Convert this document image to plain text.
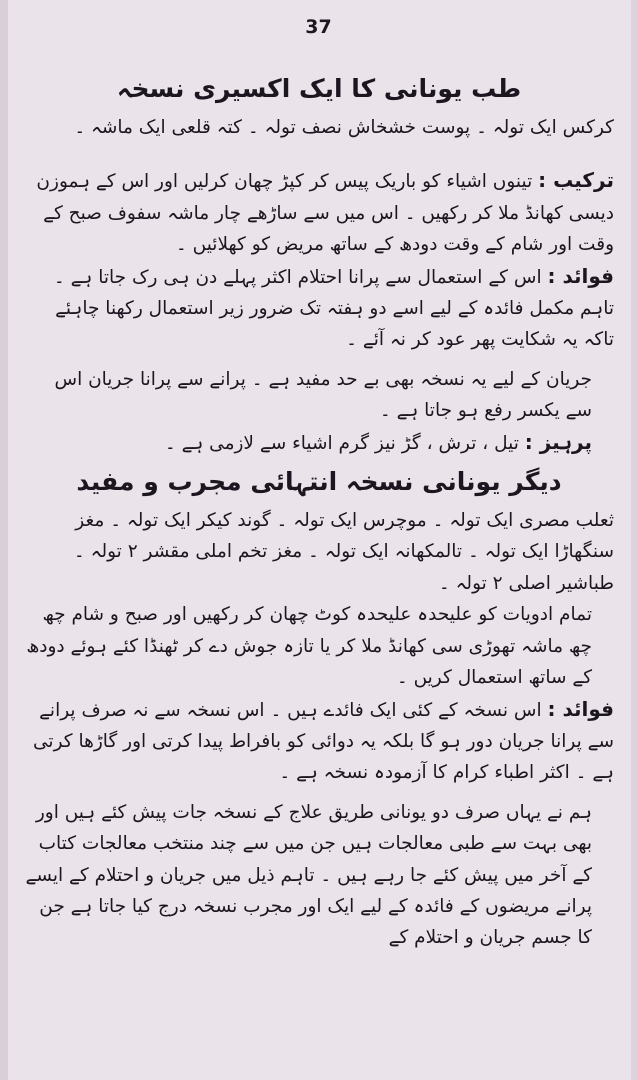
37
طب یونانی کا ایک اکسیری نسخہ

کرکس ایک تولہ ۔ پوست خشخاش نصف تولہ ۔ کتہ قلعی ایک ماشہ ۔

ترکیب : تینوں اشیاء کو باریک پیس کر کپڑ چھان کرلیں اور اس کے ہموزن دیسی کھانڈ ملا کر رکھیں ۔ اس میں سے ساڑھے چار ماشہ سفوف صبح کے وقت اور شام کے وقت دودھ کے ساتھ مریض کو کھلائیں ۔

فوائد : اس کے استعمال سے پرانا احتلام اکثر پہلے دن ہی رک جاتا ہے ۔ تاہم مکمل فائدہ کے لیے اسے دو ہفتہ تک ضرور زیر استعمال رکھنا چاہئے تاکہ یہ شکایت پھر عود کر نہ آئے ۔

جریان کے لیے یہ نسخہ بھی بے حد مفید ہے ۔ پرانے سے پرانا جریان اس سے یکسر رفع ہو جاتا ہے ۔

پرہیز : تیل ، ترش ، گڑ نیز گرم اشیاء سے لازمی ہے ۔

دیگر یونانی نسخہ انتہائی مجرب و مفید

ثعلب مصری ایک تولہ ۔ موچرس ایک تولہ ۔ گوند کیکر ایک تولہ ۔ مغز سنگھاڑا ایک تولہ ۔ تالمکھانہ ایک تولہ ۔ مغز تخم املی مقشر ۲ تولہ ۔ طباشیر اصلی ۲ تولہ ۔

تمام ادویات کو علیحدہ علیحدہ کوٹ چھان کر رکھیں اور صبح و شام چھ چھ ماشہ تھوڑی سی کھانڈ ملا کر یا تازہ جوش دے کر ٹھنڈا کئے ہوئے دودھ کے ساتھ استعمال کریں ۔

فوائد : اس نسخہ کے کئی ایک فائدے ہیں ۔ اس نسخہ سے نہ صرف پرانے سے پرانا جریان دور ہو گا بلکہ یہ دوائی کو بافراط پیدا کرتی اور گاڑھا کرتی ہے ۔ اکثر اطباء کرام کا آزمودہ نسخہ ہے ۔

ہم نے یہاں صرف دو یونانی طریق علاج کے نسخہ جات پیش کئے ہیں اور بھی بہت سے طبی معالجات ہیں جن میں سے چند منتخب معالجات کتاب کے آخر میں پیش کئے جا رہے ہیں ۔ تاہم ذیل میں جریان و احتلام کے ایسے پرانے مریضوں کے فائدہ کے لیے ایک اور مجرب نسخہ درج کیا جاتا ہے جن کا جسم جریان و احتلام کے
